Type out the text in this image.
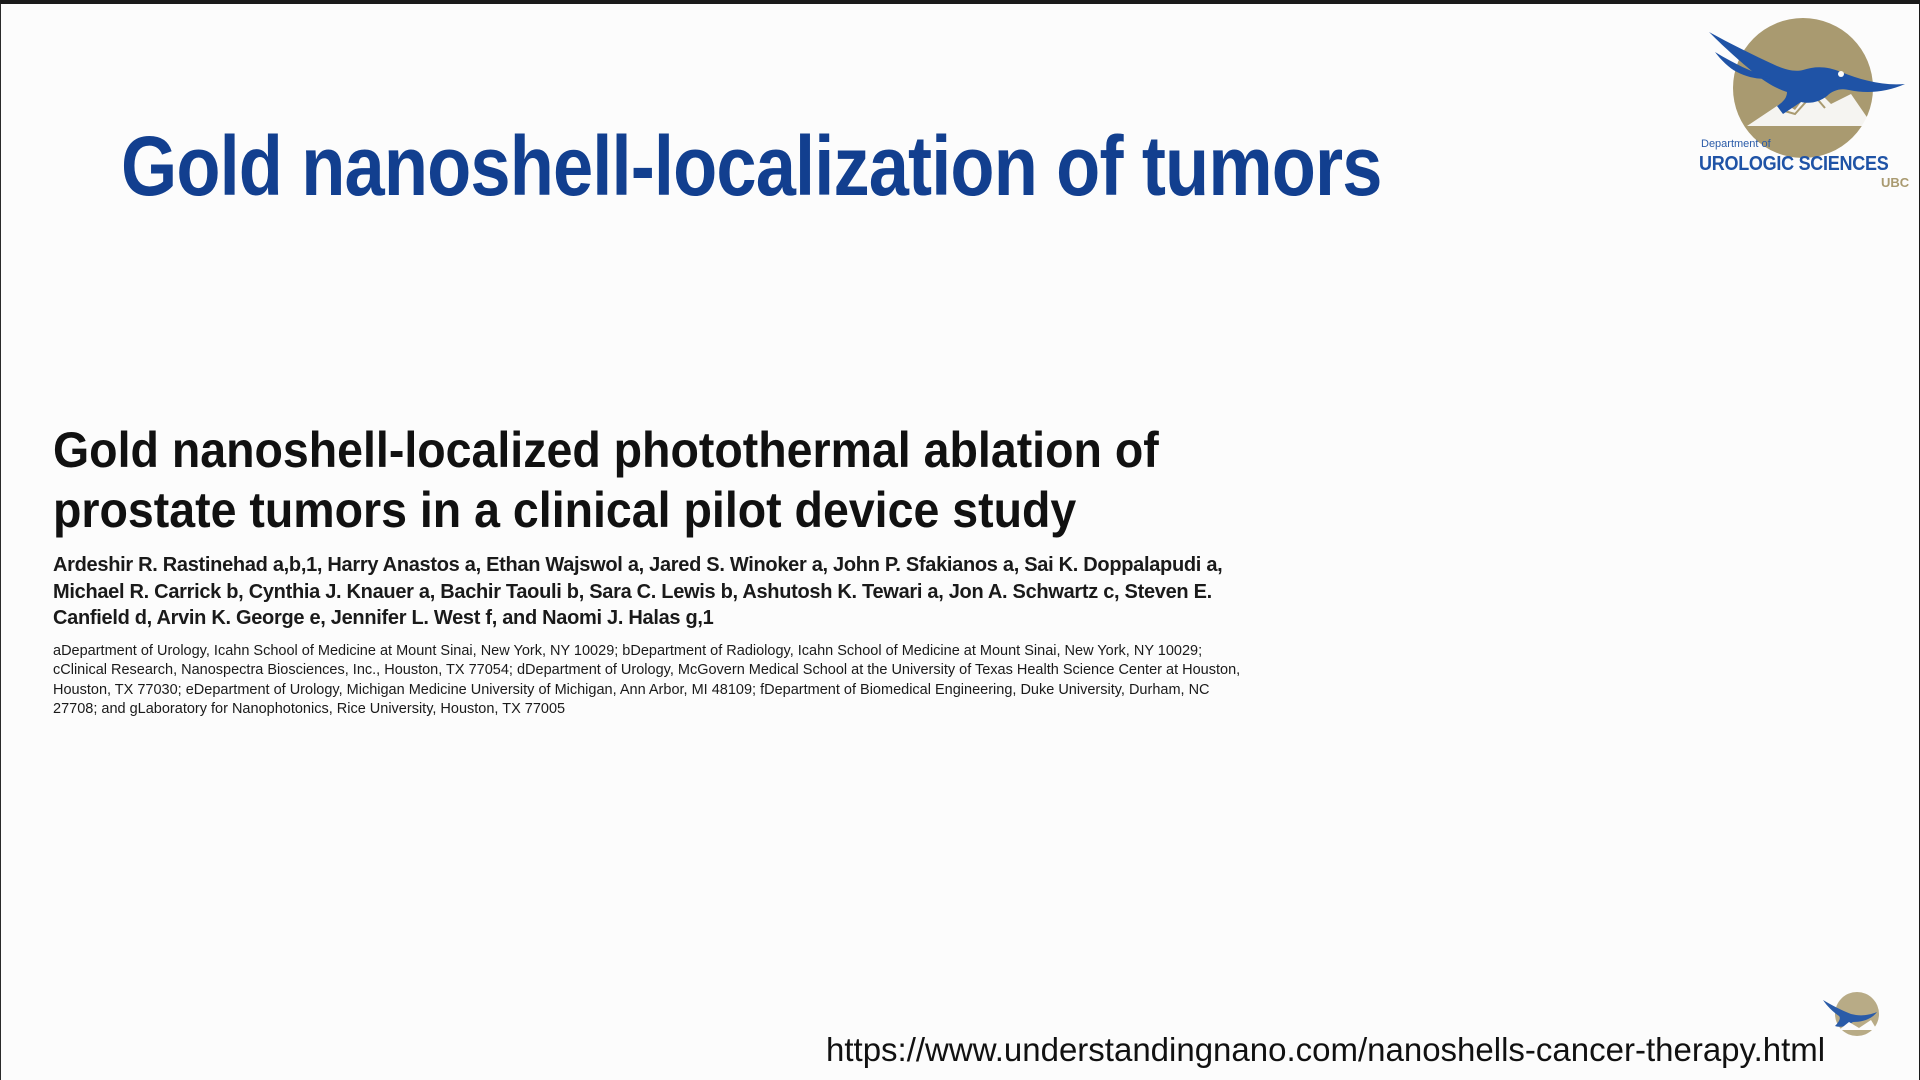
Gold nanoshell-localization of tumors	Department of
UROLOGIC SCIENCES
UBC
Gold nanoshell-localized photothermal ablation of prostate tumors in a clinical pilot device study
Ardeshir R. Rastinehad a,b,1, Harry Anastos a, Ethan Wajswol a, Jared S. Winoker a, John P. Sfakianos a, Sai K. Doppalapudi a, Michael R. Carrick b, Cynthia J. Knauer a, Bachir Taouli b, Sara C. Lewis b, Ashutosh K. Tewari a, Jon A. Schwartz c, Steven E. Canfield d, Arvin K. George e, Jennifer L. West f, and Naomi J. Halas g,1
aDepartment of Urology, Icahn School of Medicine at Mount Sinai, New York, NY 10029; bDepartment of Radiology, Icahn School of Medicine at Mount Sinai, New York, NY 10029; cClinical Research, Nanospectra Biosciences, Inc., Houston, TX 77054; dDepartment of Urology, McGovern Medical School at the University of Texas Health Science Center at Houston, Houston, TX 77030; eDepartment of Urology, Michigan Medicine University of Michigan, Ann Arbor, MI 48109; fDepartment of Biomedical Engineering, Duke University, Durham, NC 27708; and gLaboratory for Nanophotonics, Rice University, Houston, TX 77005
https://www.understandingnano.com/nanoshells-cancer-therapy.html
